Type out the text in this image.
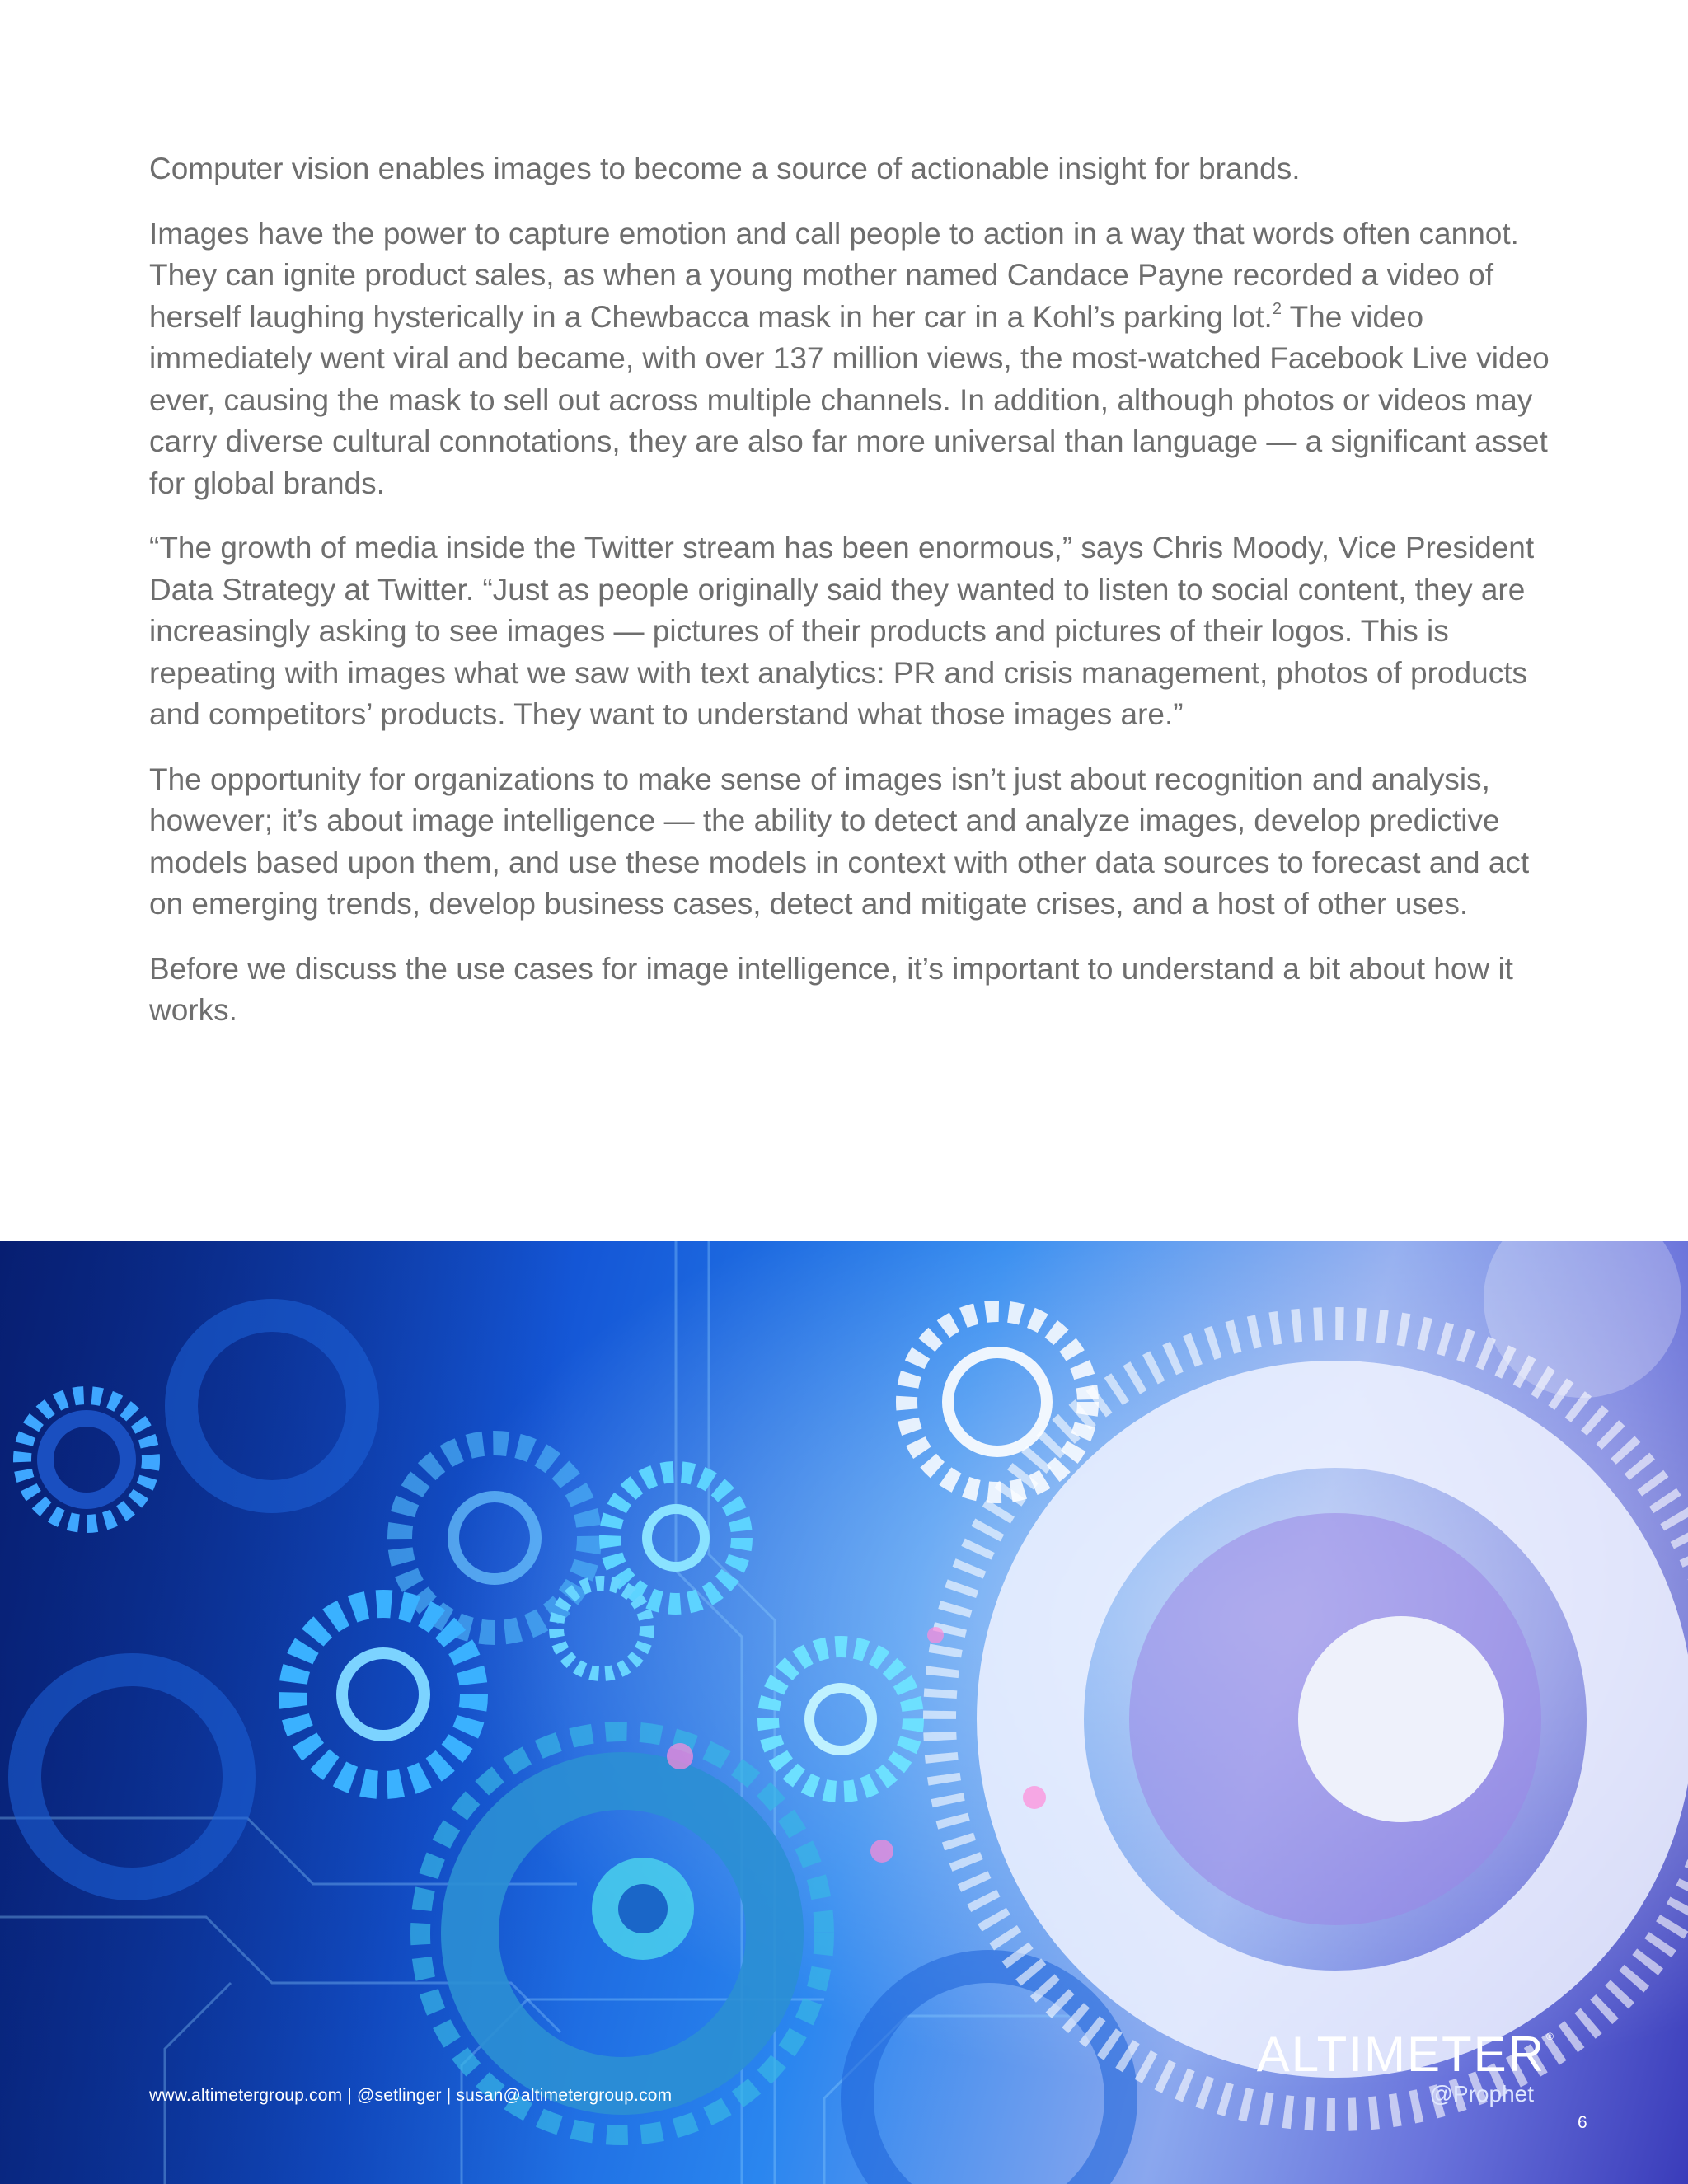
Computer vision enables images to become a source of actionable insight for brands.

Images have the power to capture emotion and call people to action in a way that words often cannot. They can ignite product sales, as when a young mother named Candace Payne recorded a video of herself laughing hysterically in a Chewbacca mask in her car in a Kohl’s parking lot.$^2$ The video immediately went viral and became, with over 137 million views, the most-watched Facebook Live video ever, causing the mask to sell out across multiple channels. In addition, although photos or videos may carry diverse cultural connotations, they are also far more universal than language — a significant asset for global brands.

“The growth of media inside the Twitter stream has been enormous,” says Chris Moody, Vice President Data Strategy at Twitter. “Just as people originally said they wanted to listen to social content, they are increasingly asking to see images — pictures of their products and pictures of their logos. This is repeating with images what we saw with text analytics: PR and crisis management, photos of products and competitors’ products. They want to understand what those images are.”

The opportunity for organizations to make sense of images isn’t just about recognition and analysis, however; it’s about image intelligence — the ability to detect and analyze images, develop predictive models based upon them, and use these models in context with other data sources to forecast and act on emerging trends, develop business cases, detect and mitigate crises, and a host of other uses.

Before we discuss the use cases for image intelligence, it’s important to understand a bit about how it works.

www.altimetergroup.com | @setlinger | susan@altimetergroup.com
ALTIMETER ®
@Prophet
6
